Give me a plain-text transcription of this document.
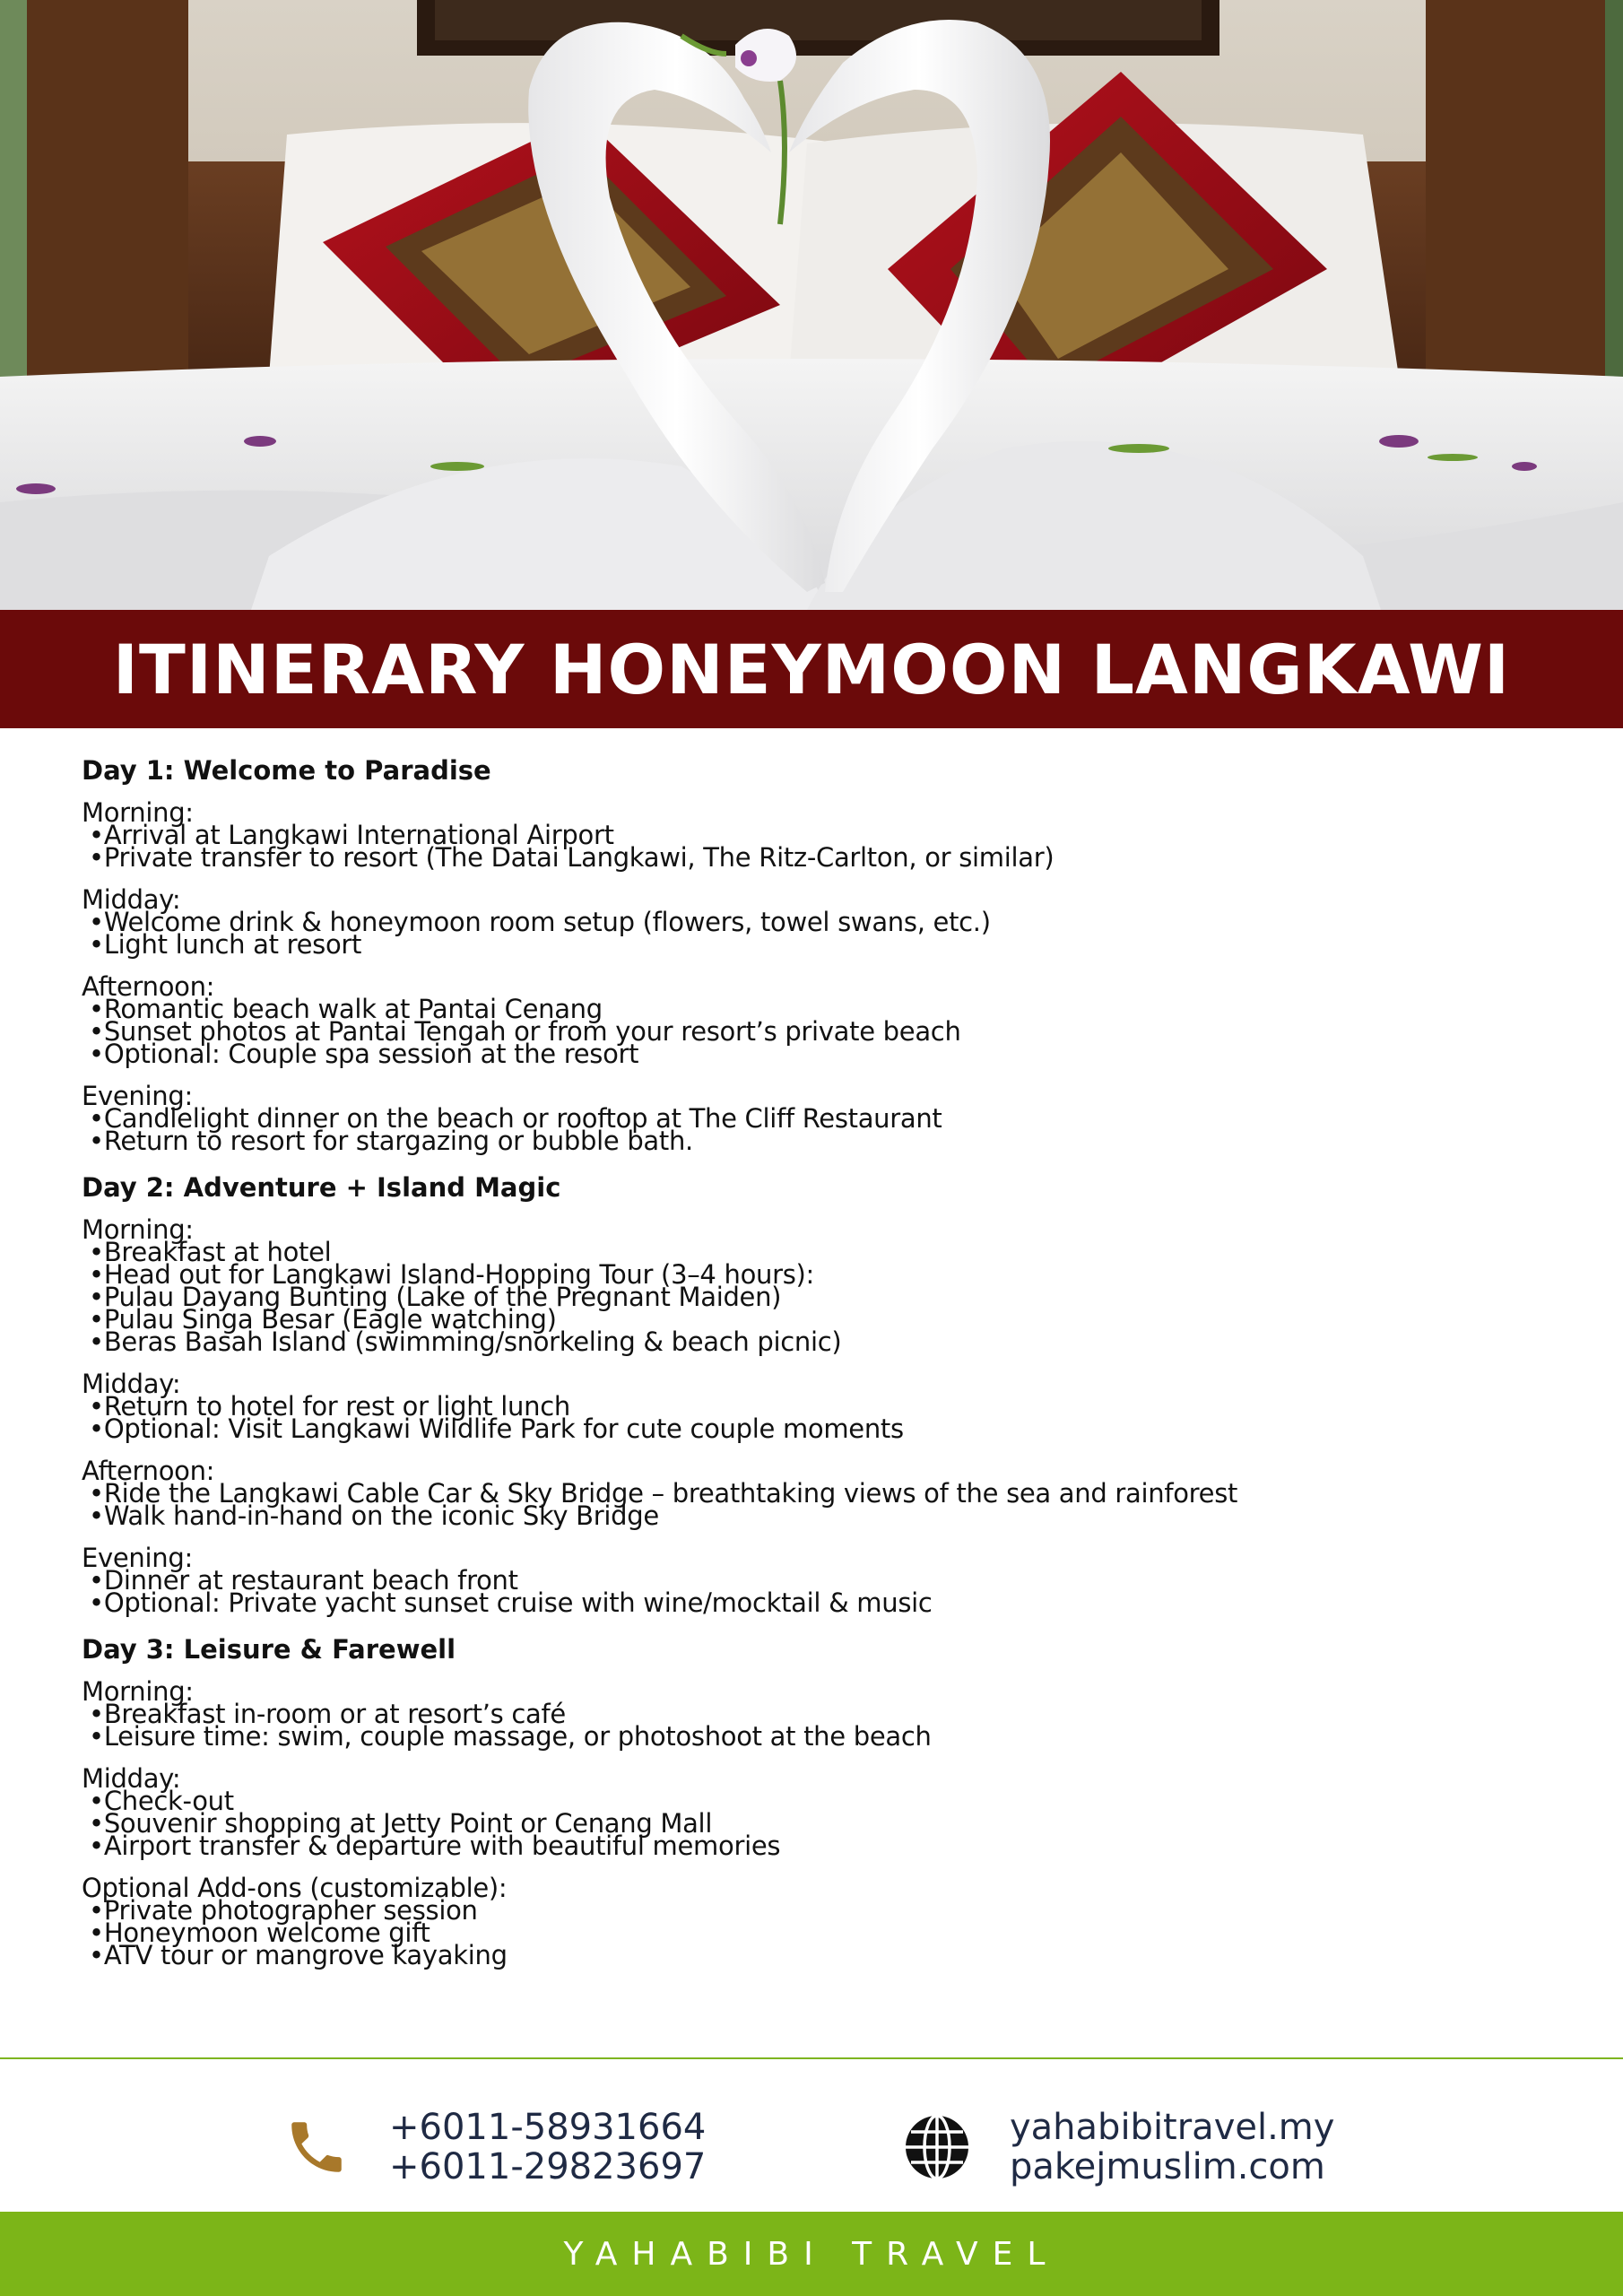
ITINERARY HONEYMOON LANGKAWI
Day 1: Welcome to Paradise
Morning:
• Arrival at Langkawi International Airport
• Private transfer to resort (The Datai Langkawi, The Ritz-Carlton, or similar)
Midday:
• Welcome drink & honeymoon room setup (flowers, towel swans, etc.)
• Light lunch at resort
Afternoon:
• Romantic beach walk at Pantai Cenang
• Sunset photos at Pantai Tengah or from your resort’s private beach
• Optional: Couple spa session at the resort
Evening:
• Candlelight dinner on the beach or rooftop at The Cliff Restaurant
• Return to resort for stargazing or bubble bath.
Day 2: Adventure + Island Magic
Morning:
• Breakfast at hotel
• Head out for Langkawi Island-Hopping Tour (3–4 hours):
• Pulau Dayang Bunting (Lake of the Pregnant Maiden)
• Pulau Singa Besar (Eagle watching)
• Beras Basah Island (swimming/snorkeling & beach picnic)
Midday:
• Return to hotel for rest or light lunch
• Optional: Visit Langkawi Wildlife Park for cute couple moments
Afternoon:
• Ride the Langkawi Cable Car & Sky Bridge – breathtaking views of the sea and rainforest
• Walk hand-in-hand on the iconic Sky Bridge
Evening:
• Dinner at restaurant beach front
• Optional: Private yacht sunset cruise with wine/mocktail & music
Day 3: Leisure & Farewell
Morning:
• Breakfast in-room or at resort’s café
• Leisure time: swim, couple massage, or photoshoot at the beach
Midday:
• Check-out
• Souvenir shopping at Jetty Point or Cenang Mall
• Airport transfer & departure with beautiful memories
Optional Add-ons (customizable):
• Private photographer session
• Honeymoon welcome gift
• ATV tour or mangrove kayaking
+6011-58931664
+6011-29823697
yahabibitravel.my
pakejmuslim.com
YAHABIBI TRAVEL
